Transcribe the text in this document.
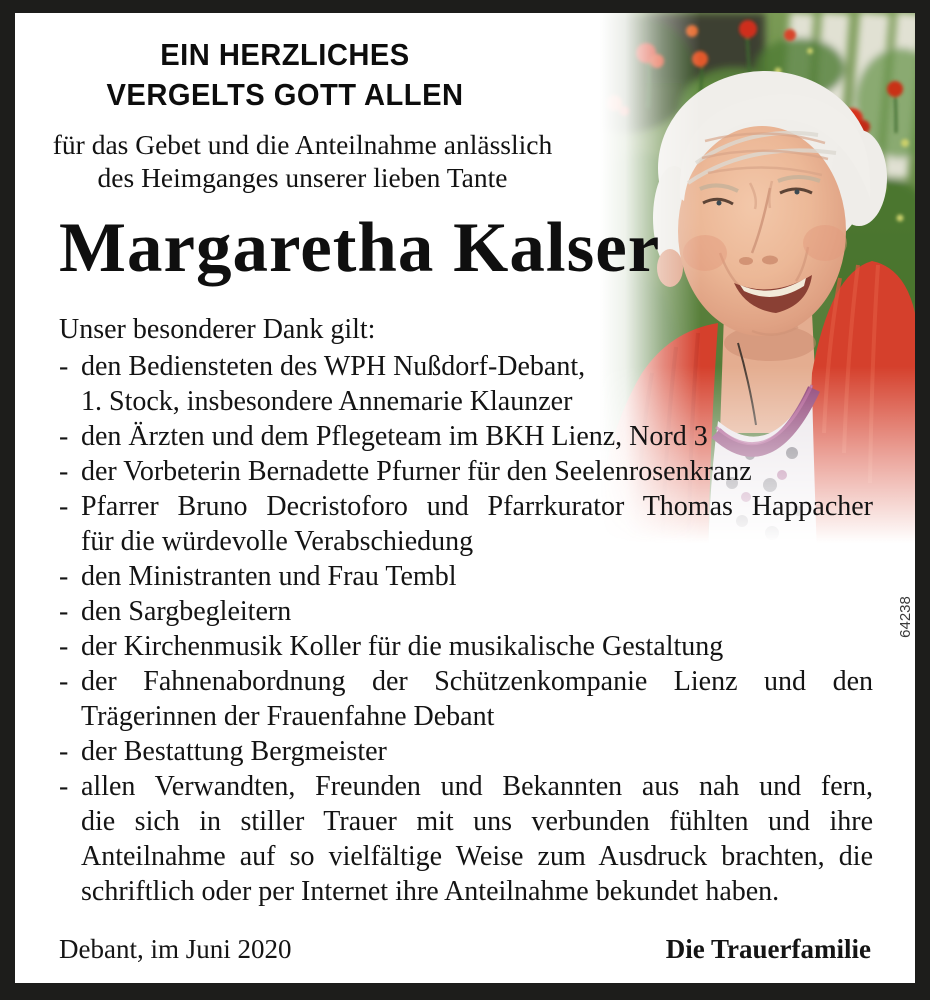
EIN HERZLICHES
VERGELTS GOTT ALLEN
für das Gebet und die Anteilnahme anlässlich
des Heimganges unserer lieben Tante
Margaretha Kalser
Unser besonderer Dank gilt:
- den Bediensteten des WPH Nußdorf-Debant,
1. Stock, insbesondere Annemarie Klaunzer
- den Ärzten und dem Pflegeteam im BKH Lienz, Nord 3
- der Vorbeterin Bernadette Pfurner für den Seelenrosenkranz
- Pfarrer Bruno Decristoforo und Pfarrkurator Thomas Happacher
für die würdevolle Verabschiedung
- den Ministranten und Frau Tembl
- den Sargbegleitern
- der Kirchenmusik Koller für die musikalische Gestaltung
- der Fahnenabordnung der Schützenkompanie Lienz und den
Trägerinnen der Frauenfahne Debant
- der Bestattung Bergmeister
- allen Verwandten, Freunden und Bekannten aus nah und fern,
die sich in stiller Trauer mit uns verbunden fühlten und ihre
Anteilnahme auf so vielfältige Weise zum Ausdruck brachten, die
schriftlich oder per Internet ihre Anteilnahme bekundet haben.
Debant, im Juni 2020	Die Trauerfamilie
64238
